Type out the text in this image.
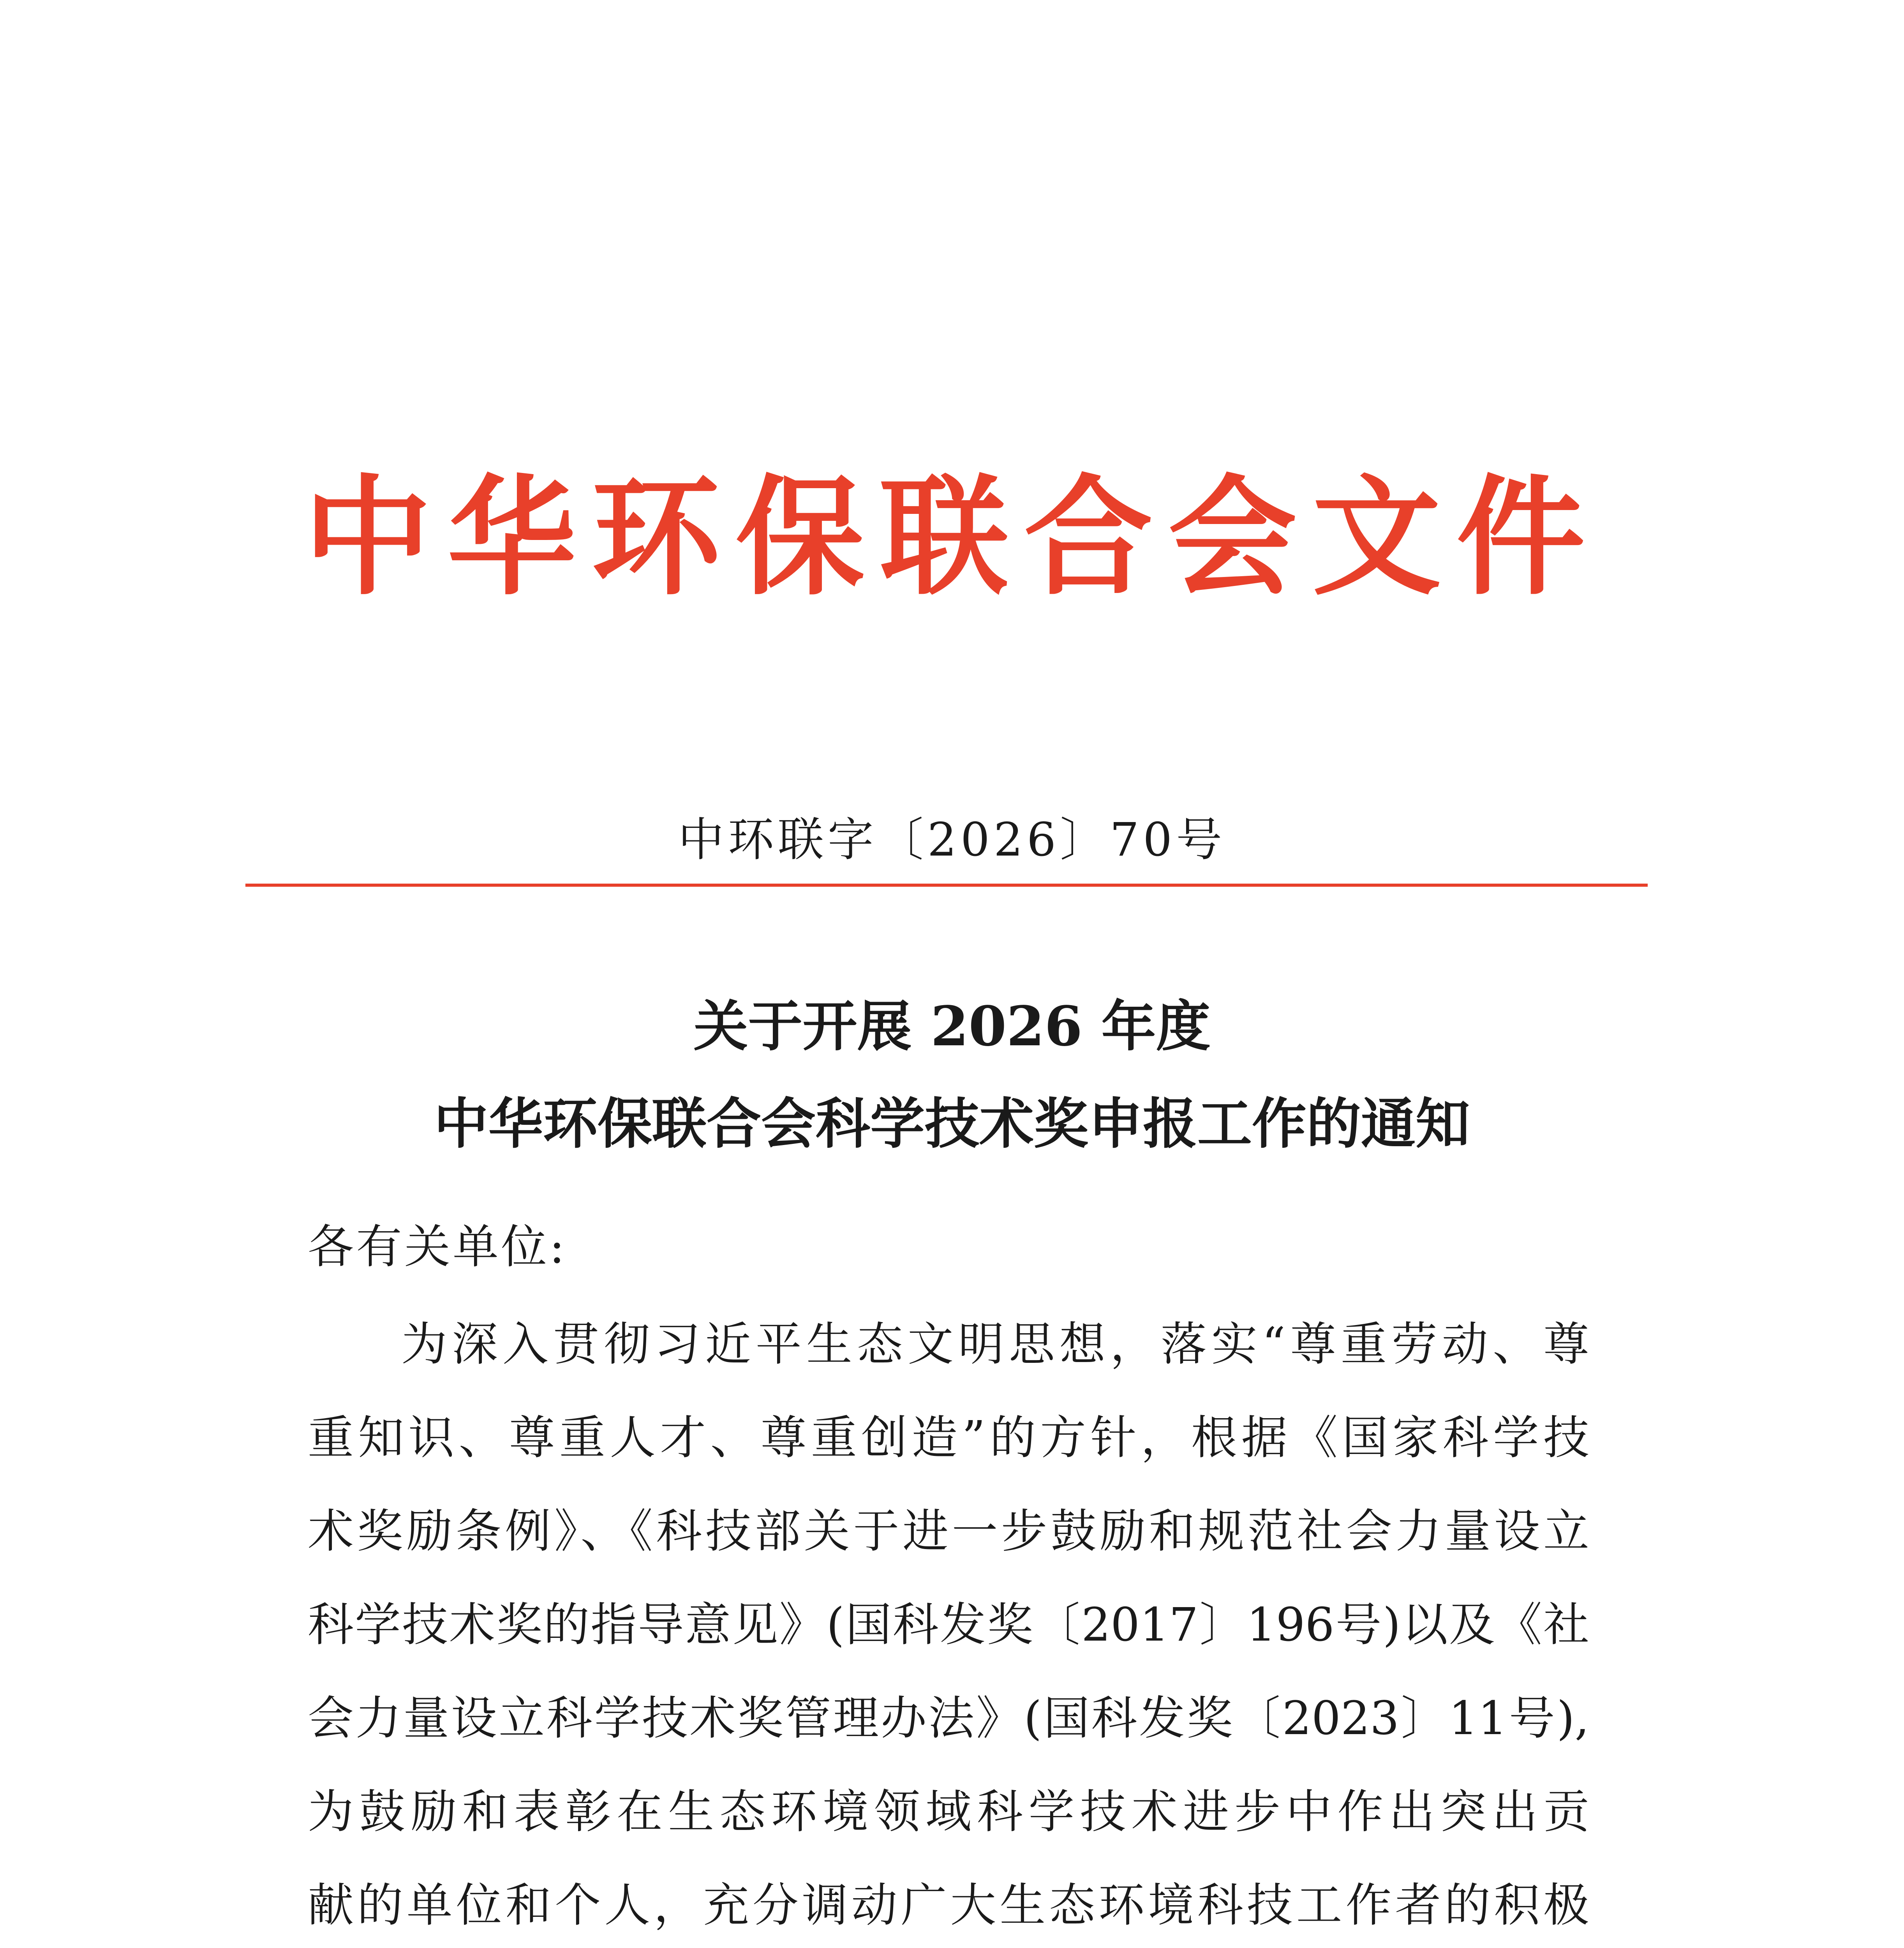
中华环保联合会文件
中环联字〔2026〕70号
关于开展 2026 年度
中华环保联合会科学技术奖申报工作的通知
各有关单位:
为深入贯彻习近平生态文明思想，落实“尊重劳动、尊
重知识、尊重人才、尊重创造”的方针，根据《国家科学技
术奖励条例》、《科技部关于进一步鼓励和规范社会力量设立
科学技术奖的指导意见》(国科发奖〔2017〕196号)以及《社
会力量设立科学技术奖管理办法》(国科发奖〔2023〕11号),
为鼓励和表彰在生态环境领域科学技术进步中作出突出贡
献的单位和个人，充分调动广大生态环境科技工作者的积极
